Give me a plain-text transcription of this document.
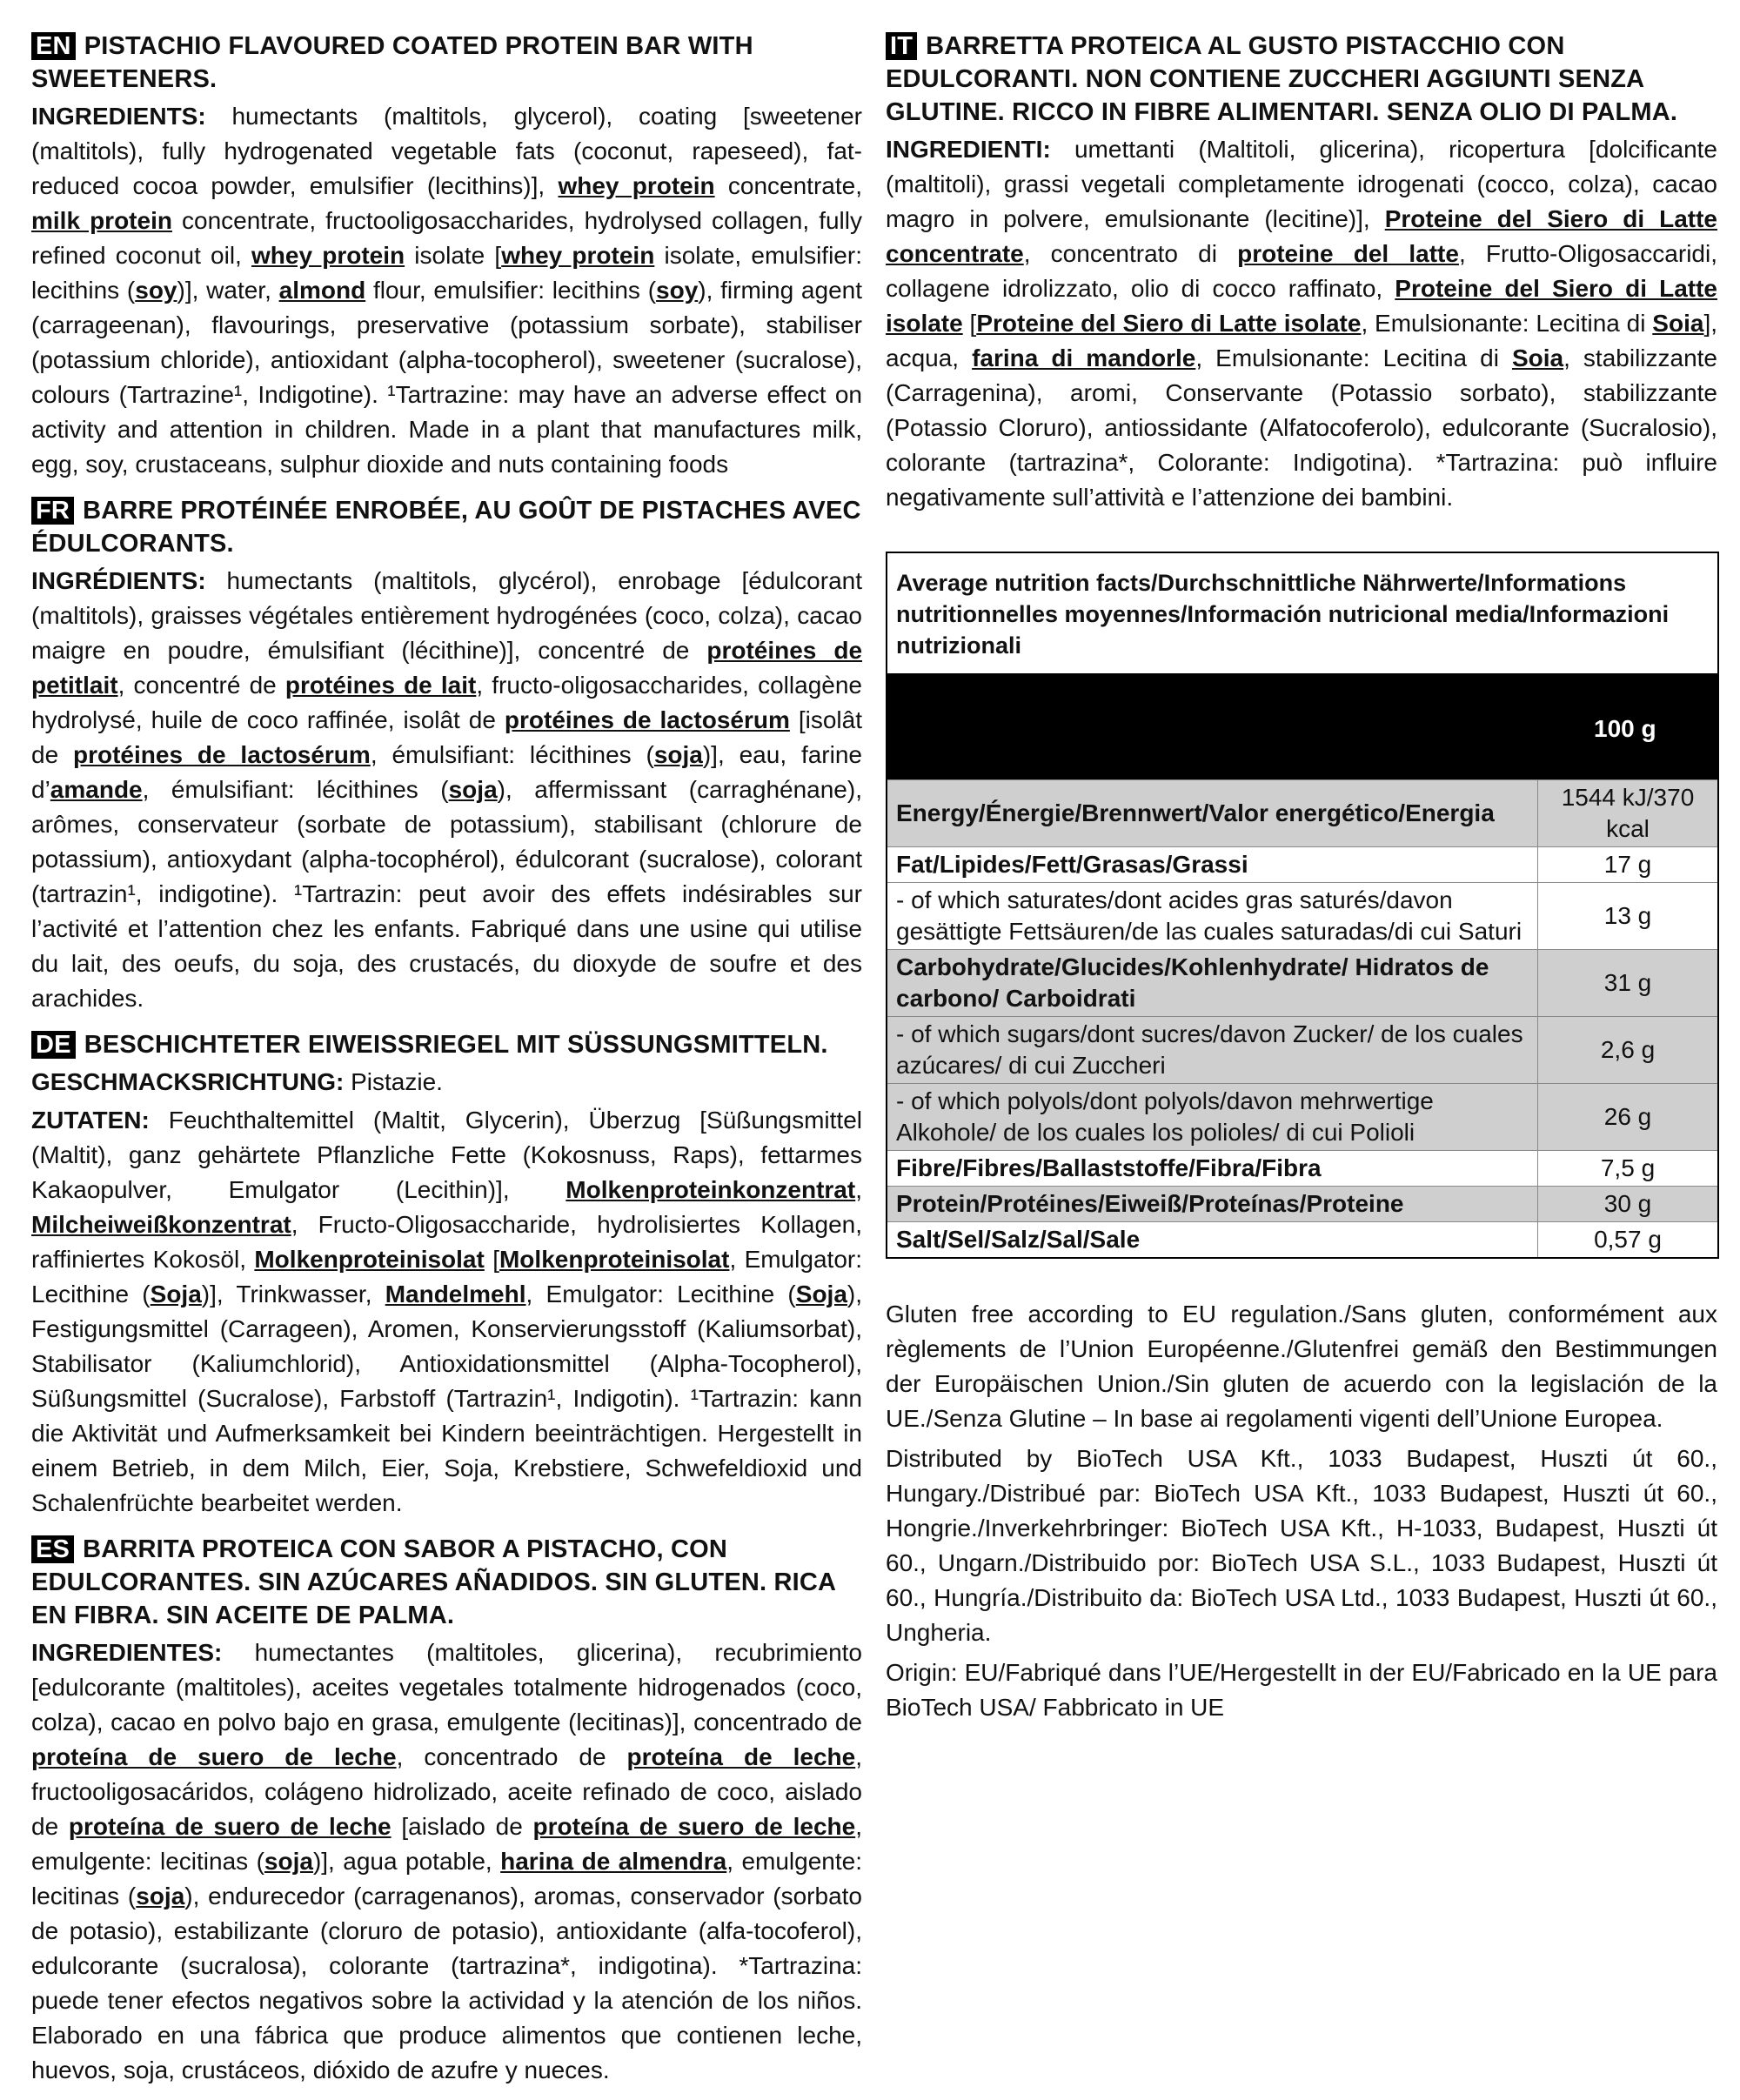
EN PISTACHIO FLAVOURED COATED PROTEIN BAR WITH SWEETENERS.

INGREDIENTS: humectants (maltitols, glycerol), coating [sweetener (maltitols), fully hydrogenated vegetable fats (coconut, rapeseed), fat-reduced cocoa powder, emulsifier (lecithins)], whey protein concentrate, milk protein concentrate, fructooligosaccharides, hydrolysed collagen, fully refined coconut oil, whey protein isolate [whey protein isolate, emulsifier: lecithins (soy)], water, almond flour, emulsifier: lecithins (soy), firming agent (carrageenan), flavourings, preservative (potassium sorbate), stabiliser (potassium chloride), antioxidant (alpha-tocopherol), sweetener (sucralose), colours (Tartrazine¹, Indigotine). ¹Tartrazine: may have an adverse effect on activity and attention in children. Made in a plant that manufactures milk, egg, soy, crustaceans, sulphur dioxide and nuts containing foods

FR BARRE PROTÉINÉE ENROBÉE, AU GOÛT DE PISTACHES AVEC ÉDULCORANTS.

INGRÉDIENTS: humectants (maltitols, glycérol), enrobage [édulcorant (maltitols), graisses végétales entièrement hydrogénées (coco, colza), cacao maigre en poudre, émulsifiant (lécithine)], concentré de protéines de petitlait, concentré de protéines de lait, fructo-oligosaccharides, collagène hydrolysé, huile de coco raffinée, isolât de protéines de lactosérum [isolât de protéines de lactosérum, émulsifiant: lécithines (soja)], eau, farine d’amande, émulsifiant: lécithines (soja), affermissant (carraghénane), arômes, conservateur (sorbate de potassium), stabilisant (chlorure de potassium), antioxydant (alpha-tocophérol), édulcorant (sucralose), colorant (tartrazin¹, indigotine). ¹Tartrazin: peut avoir des effets indésirables sur l’activité et l’attention chez les enfants. Fabriqué dans une usine qui utilise du lait, des oeufs, du soja, des crustacés, du dioxyde de soufre et des arachides.

DE BESCHICHTETER EIWEISSRIEGEL MIT SÜSSUNGSMITTELN.

GESCHMACKSRICHTUNG: Pistazie.

ZUTATEN: Feuchthaltemittel (Maltit, Glycerin), Überzug [Süßungsmittel (Maltit), ganz gehärtete Pflanzliche Fette (Kokosnuss, Raps), fettarmes Kakaopulver, Emulgator (Lecithin)], Molkenproteinkonzentrat, Milcheiweißkonzentrat, Fructo-Oligosaccharide, hydrolisiertes Kollagen, raffiniertes Kokosöl, Molkenproteinisolat [Molkenproteinisolat, Emulgator: Lecithine (Soja)], Trinkwasser, Mandelmehl, Emulgator: Lecithine (Soja), Festigungsmittel (Carrageen), Aromen, Konservierungsstoff (Kaliumsorbat), Stabilisator (Kaliumchlorid), Antioxidationsmittel (Alpha-Tocopherol), Süßungsmittel (Sucralose), Farbstoff (Tartrazin¹, Indigotin). ¹Tartrazin: kann die Aktivität und Aufmerksamkeit bei Kindern beeinträchtigen. Hergestellt in einem Betrieb, in dem Milch, Eier, Soja, Krebstiere, Schwefeldioxid und Schalenfrüchte bearbeitet werden.

ES BARRITA PROTEICA CON SABOR A PISTACHO, CON EDULCORANTES. SIN AZÚCARES AÑADIDOS. SIN GLUTEN. RICA EN FIBRA. SIN ACEITE DE PALMA.

INGREDIENTES: humectantes (maltitoles, glicerina), recubrimiento [edulcorante (maltitoles), aceites vegetales totalmente hidrogenados (coco, colza), cacao en polvo bajo en grasa, emulgente (lecitinas)], concentrado de proteína de suero de leche, concentrado de proteína de leche, fructooligosacáridos, colágeno hidrolizado, aceite refinado de coco, aislado de proteína de suero de leche [aislado de proteína de suero de leche, emulgente: lecitinas (soja)], agua potable, harina de almendra, emulgente: lecitinas (soja), endurecedor (carragenanos), aromas, conservador (sorbato de potasio), estabilizante (cloruro de potasio), antioxidante (alfa-tocoferol), edulcorante (sucralosa), colorante (tartrazina*, indigotina). *Tartrazina: puede tener efectos negativos sobre la actividad y la atención de los niños. Elaborado en una fábrica que produce alimentos que contienen leche, huevos, soja, crustáceos, dióxido de azufre y nueces.

IT BARRETTA PROTEICA AL GUSTO PISTACCHIO CON EDULCORANTI. NON CONTIENE ZUCCHERI AGGIUNTI SENZA GLUTINE. RICCO IN FIBRE ALIMENTARI. SENZA OLIO DI PALMA.

INGREDIENTI: umettanti (Maltitoli, glicerina), ricopertura [dolcificante (maltitoli), grassi vegetali completamente idrogenati (cocco, colza), cacao magro in polvere, emulsionante (lecitine)], Proteine del Siero di Latte concentrate, concentrato di proteine del latte, Frutto-Oligosaccaridi, collagene idrolizzato, olio di cocco raffinato, Proteine del Siero di Latte isolate [Proteine del Siero di Latte isolate, Emulsionante: Lecitina di Soia], acqua, farina di mandorle, Emulsionante: Lecitina di Soia, stabilizzante (Carragenina), aromi, Conservante (Potassio sorbato), stabilizzante (Potassio Cloruro), antiossidante (Alfatocoferolo), edulcorante (Sucralosio), colorante (tartrazina*, Colorante: Indigotina). *Tartrazina: può influire negativamente sull’attività e l’attenzione dei bambini.

Average nutrition facts/Durchschnittliche Nährwerte/Informations nutritionnelles moyennes/Información nutricional media/Informazioni nutrizionali
100 g
Energy/Énergie/Brennwert/Valor energético/Energia	1544 kJ/370 kcal
Fat/Lipides/Fett/Grasas/Grassi	17 g
- of which saturates/dont acides gras saturés/davon gesättigte Fettsäuren/de las cuales saturadas/di cui Saturi	13 g
Carbohydrate/Glucides/Kohlenhydrate/ Hidratos de carbono/ Carboidrati	31 g
- of which sugars/dont sucres/davon Zucker/ de los cuales azúcares/ di cui Zuccheri	2,6 g
- of which polyols/dont polyols/davon mehrwertige Alkohole/ de los cuales los polioles/ di cui Polioli	26 g
Fibre/Fibres/Ballaststoffe/Fibra/Fibra	7,5 g
Protein/Protéines/Eiweiß/Proteínas/Proteine	30 g
Salt/Sel/Salz/Sal/Sale	0,57 g

Gluten free according to EU regulation./Sans gluten, conformément aux règlements de l’Union Européenne./Glutenfrei gemäß den Bestimmungen der Europäischen Union./Sin gluten de acuerdo con la legislación de la UE./Senza Glutine – In base ai regolamenti vigenti dell’Unione Europea.

Distributed by BioTech USA Kft., 1033 Budapest, Huszti út 60., Hungary./Distribué par: BioTech USA Kft., 1033 Budapest, Huszti út 60., Hongrie./Inverkehrbringer: BioTech USA Kft., H-1033, Budapest, Huszti út 60., Ungarn./Distribuido por: BioTech USA S.L., 1033 Budapest, Huszti út 60., Hungría./Distribuito da: BioTech USA Ltd., 1033 Budapest, Huszti út 60., Ungheria.

Origin: EU/Fabriqué dans l’UE/Hergestellt in der EU/Fabricado en la UE para BioTech USA/ Fabbricato in UE
